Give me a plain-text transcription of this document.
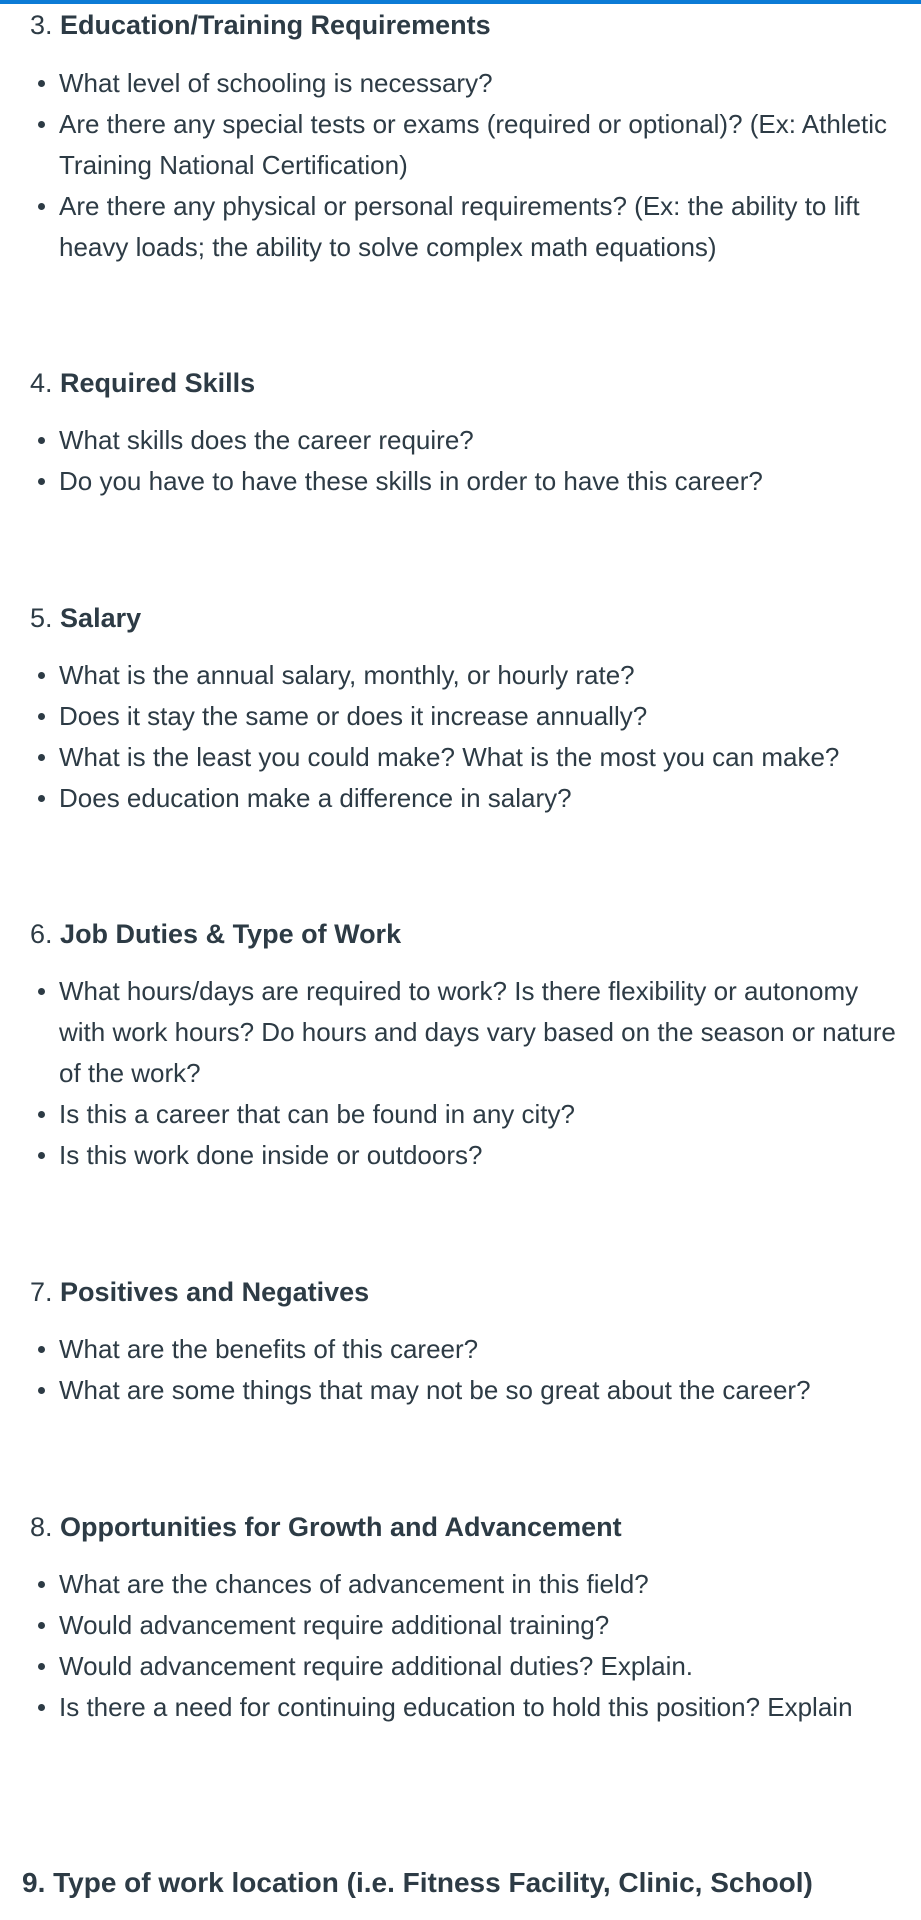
3. Education/Training Requirements
What level of schooling is necessary?
Are there any special tests or exams (required or optional)? (Ex: Athletic Training National Certification)
Are there any physical or personal requirements? (Ex: the ability to lift heavy loads; the ability to solve complex math equations)
4. Required Skills
What skills does the career require?
Do you have to have these skills in order to have this career?
5. Salary
What is the annual salary, monthly, or hourly rate?
Does it stay the same or does it increase annually?
What is the least you could make? What is the most you can make?
Does education make a difference in salary?
6. Job Duties & Type of Work
What hours/days are required to work? Is there flexibility or autonomy with work hours? Do hours and days vary based on the season or nature of the work?
Is this a career that can be found in any city?
Is this work done inside or outdoors?
7. Positives and Negatives
What are the benefits of this career?
What are some things that may not be so great about the career?
8. Opportunities for Growth and Advancement
What are the chances of advancement in this field?
Would advancement require additional training?
Would advancement require additional duties? Explain.
Is there a need for continuing education to hold this position? Explain
9. Type of work location (i.e. Fitness Facility, Clinic, School)
